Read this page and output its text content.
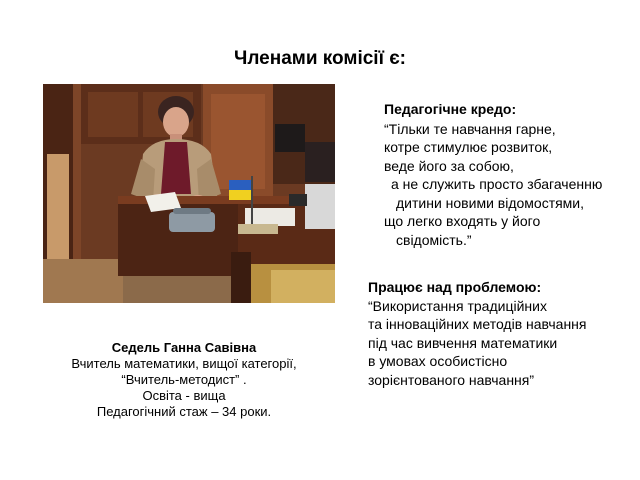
Членами комісії є:
Седель Ганна Савівна
Вчитель математики, вищої категорії,
“Вчитель-методист” .
Освіта - вища
Педагогічний стаж – 34 роки.
Педагогічне кредо:
“Тільки те навчання гарне,
котре стимулює розвиток,
веде його за собою,
а не служить просто збагаченню
дитини новими відомостями,
що легко входять у його
свідомість.”
Працює над проблемою:
“Використання традиційних
та інноваційних методів навчання
під час вивчення математики
в умовах особистісно
зорієнтованого навчання”
